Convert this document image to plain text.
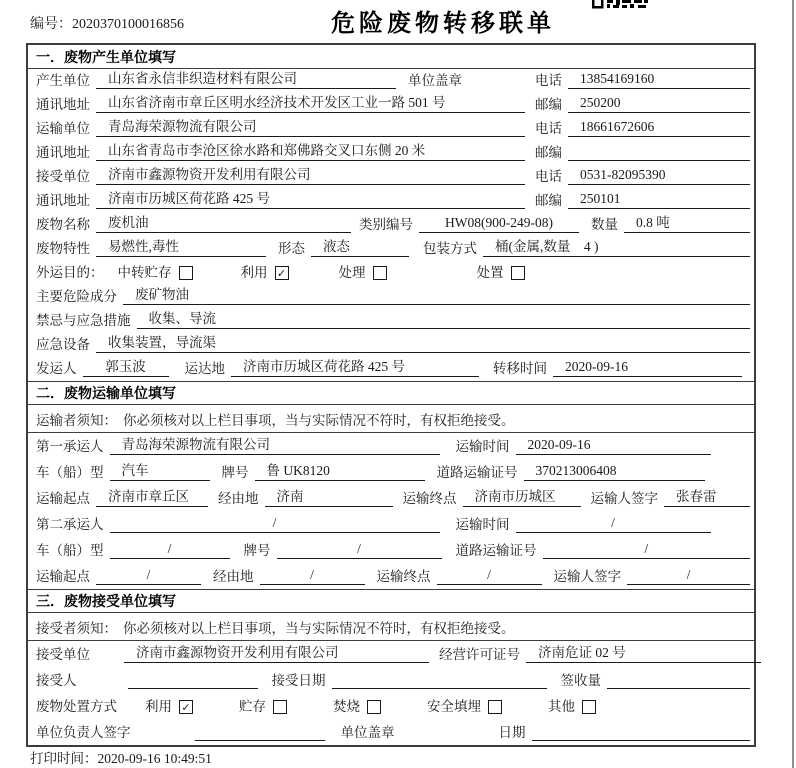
编号：2020370100016856	危险废物转移联单
一．废物产生单位填写
产生单位	山东省永信非织造材料有限公司	单位盖章	电话	13854169160
通讯地址	山东省济南市章丘区明水经济技术开发区工业一路 501 号	邮编	250200
运输单位	青岛海荣源物流有限公司	电话	18661672606
通讯地址	山东省青岛市李沧区徐水路和郑佛路交叉口东侧 20 米	邮编
接受单位	济南市鑫源物资开发利用有限公司	电话	0531-82095390
通讯地址	济南市历城区荷花路 425 号	邮编	250101
废物名称	废机油	类别编号	HW08(900-249-08)	数量	0.8 吨
废物特性	易燃性,毒性	形态	液态	包装方式	桶(金属,数量　4 )
外运目的：	中转贮存	利用 ✓	处理	处置
主要危险成分	废矿物油
禁忌与应急措施	收集、导流
应急设备	收集装置，导流渠
发运人	郭玉波	运达地	济南市历城区荷花路 425 号	转移时间	2020-09-16
二．废物运输单位填写
运输者须知： 你必须核对以上栏目事项，当与实际情况不符时，有权拒绝接受。
第一承运人	青岛海荣源物流有限公司	运输时间	2020-09-16
车（船）型	汽车	牌号	鲁 UK8120	道路运输证号	370213006408
运输起点	济南市章丘区	经由地	济南	运输终点	济南市历城区	运输人签字	张春雷
第二承运人	/	运输时间	/
车（船）型	/	牌号	/	道路运输证号	/
运输起点	/	经由地	/	运输终点	/	运输人签字	/
三．废物接受单位填写
接受者须知： 你必须核对以上栏目事项，当与实际情况不符时，有权拒绝接受。
接受单位	济南市鑫源物资开发利用有限公司	经营许可证号	济南危证 02 号
接受人	接受日期	签收量
废物处置方式	利用 ✓	贮存	焚烧	安全填埋	其他
单位负责人签字	单位盖章	日期
打印时间：2020-09-16 10:49:51
